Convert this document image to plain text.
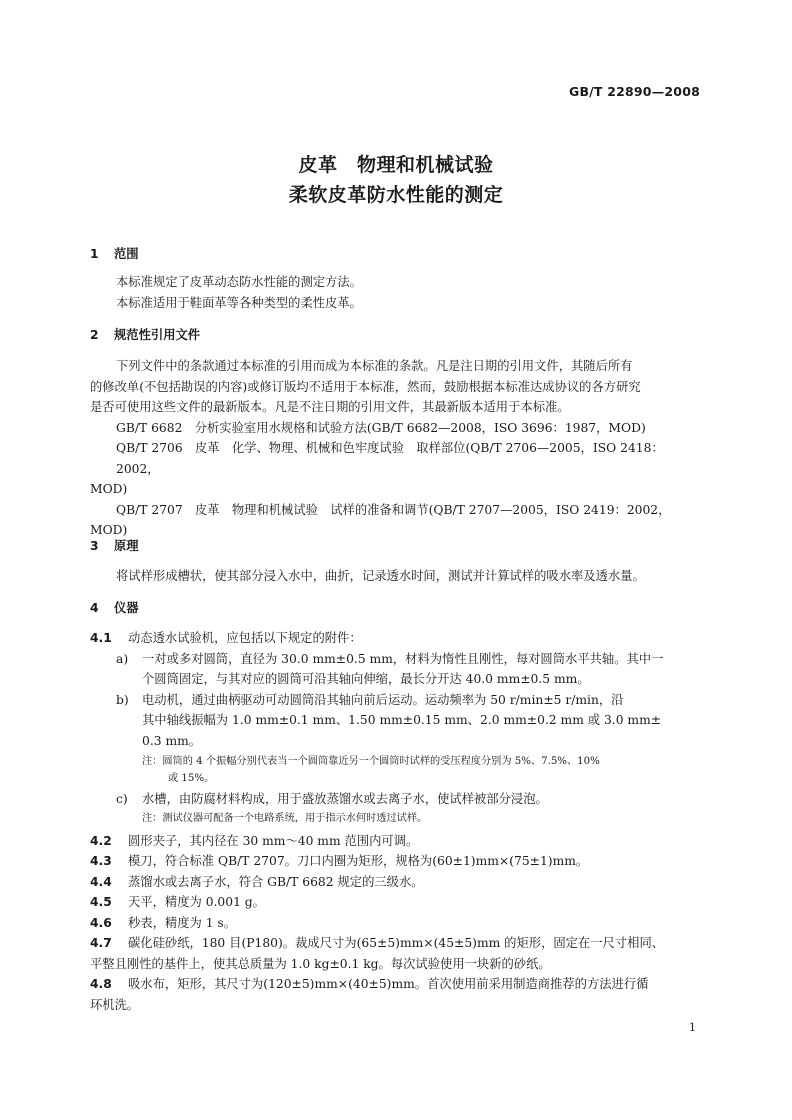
GB/T 22890—2008
皮革　物理和机械试验
柔软皮革防水性能的测定
1 范围
本标准规定了皮革动态防水性能的测定方法。
本标准适用于鞋面革等各种类型的柔性皮革。
2 规范性引用文件
下列文件中的条款通过本标准的引用而成为本标准的条款。凡是注日期的引用文件，其随后所有
的修改单(不包括勘误的内容)或修订版均不适用于本标准，然而，鼓励根据本标准达成协议的各方研究
是否可使用这些文件的最新版本。凡是不注日期的引用文件，其最新版本适用于本标准。
GB/T 6682　分析实验室用水规格和试验方法(GB/T 6682—2008，ISO 3696：1987，MOD)
QB/T 2706　皮革　化学、物理、机械和色牢度试验　取样部位(QB/T 2706—2005，ISO 2418：2002，
MOD)
QB/T 2707　皮革　物理和机械试验　试样的准备和调节(QB/T 2707—2005，ISO 2419：2002，
MOD)
3 原理
将试样形成槽状，使其部分浸入水中，曲折，记录透水时间，测试并计算试样的吸水率及透水量。
4 仪器
4.1 动态透水试验机，应包括以下规定的附件：
a) 一对或多对圆筒，直径为 30.0 mm±0.5 mm，材料为惰性且刚性，每对圆筒水平共轴。其中一
个圆筒固定，与其对应的圆筒可沿其轴向伸缩，最长分开达 40.0 mm±0.5 mm。
b) 电动机，通过曲柄驱动可动圆筒沿其轴向前后运动。运动频率为 50 r/min±5 r/min，沿
其中轴线振幅为 1.0 mm±0.1 mm、1.50 mm±0.15 mm、2.0 mm±0.2 mm 或 3.0 mm±
0.3 mm。
注：圆筒的 4 个振幅分别代表当一个圆筒靠近另一个圆筒时试样的受压程度分别为 5%、7.5%、10%
或 15%。
c) 水槽，由防腐材料构成，用于盛放蒸馏水或去离子水，使试样被部分浸泡。
注：测试仪器可配备一个电路系统，用于指示水何时透过试样。
4.2 圆形夹子，其内径在 30 mm～40 mm 范围内可调。
4.3 模刀，符合标准 QB/T 2707。刀口内圈为矩形，规格为(60±1)mm×(75±1)mm。
4.4 蒸馏水或去离子水，符合 GB/T 6682 规定的三级水。
4.5 天平，精度为 0.001 g。
4.6 秒表，精度为 1 s。
4.7 碳化硅砂纸，180 目(P180)。裁成尺寸为(65±5)mm×(45±5)mm 的矩形，固定在一尺寸相同、
平整且刚性的基件上，使其总质量为 1.0 kg±0.1 kg。每次试验使用一块新的砂纸。
4.8 吸水布，矩形，其尺寸为(120±5)mm×(40±5)mm。首次使用前采用制造商推荐的方法进行循
环机洗。
1
